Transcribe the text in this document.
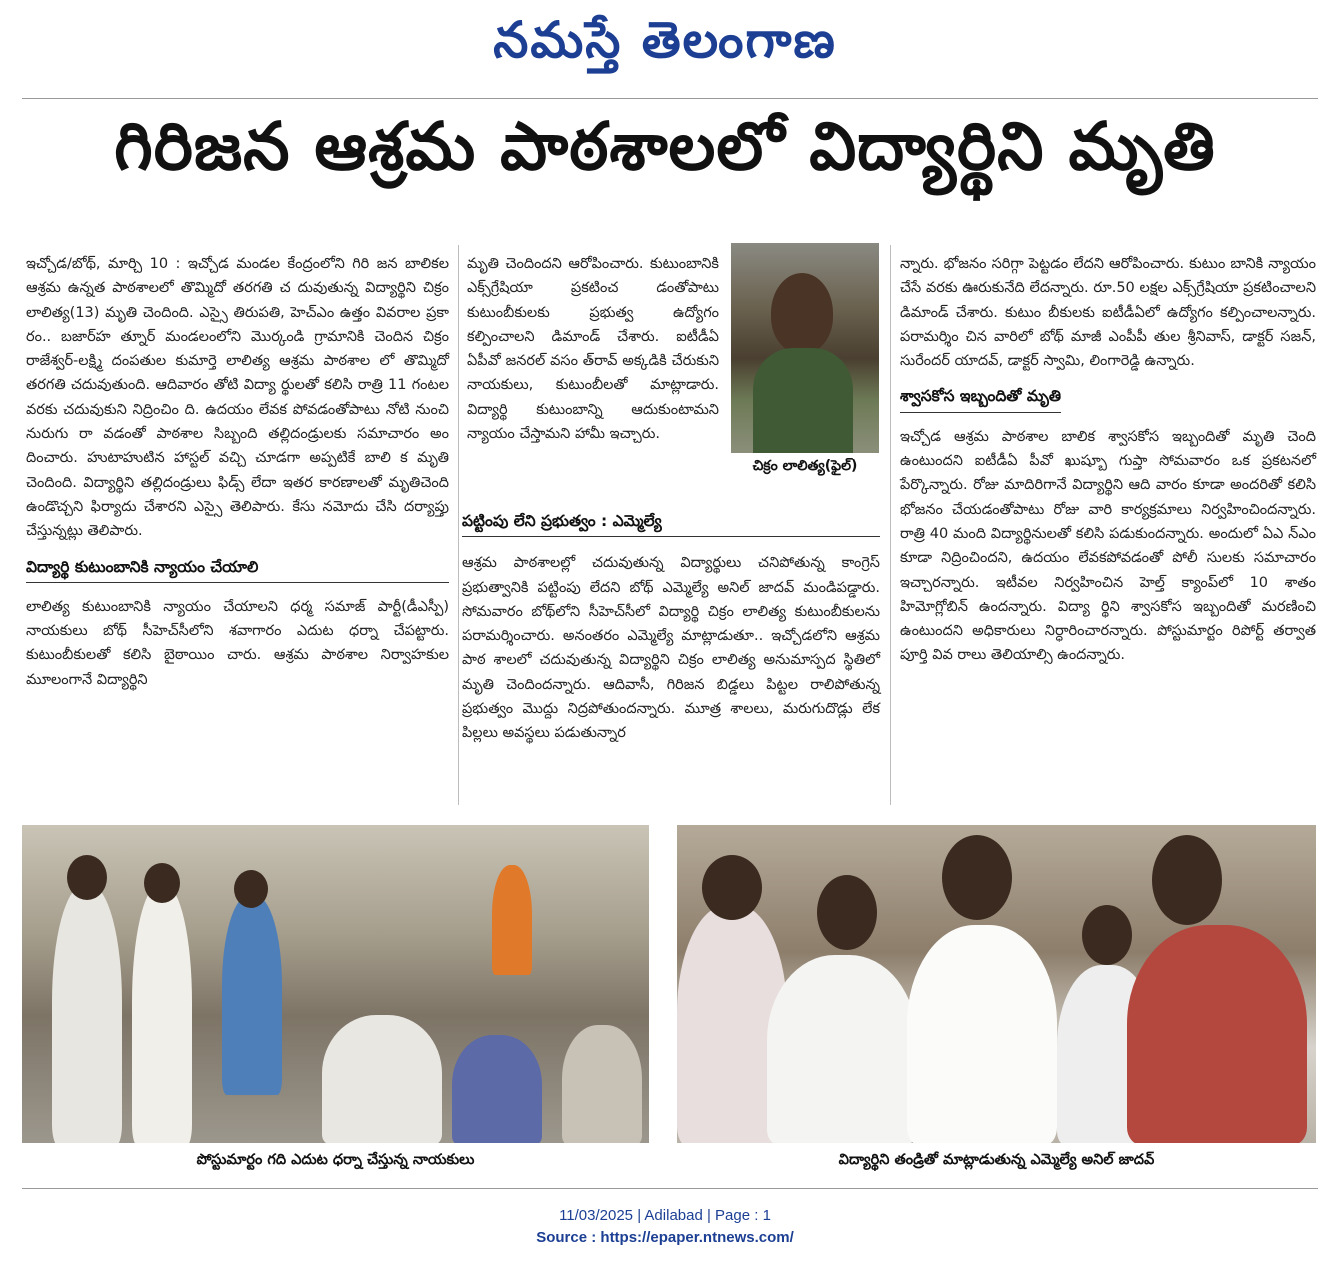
నమస్తే తెలంగాణ
గిరిజన ఆశ్రమ పాఠశాలలో విద్యార్థిని మృతి

ఇచ్చోడ/బోథ్, మార్చి 10 : ఇచ్చోడ మండల కేంద్రంలోని గిరి జన బాలికల ఆశ్రమ ఉన్నత పాఠశాలలో తొమ్మిదో తరగతి చ దువుతున్న విద్యార్థిని చిక్రం లాలిత్య(13) మృతి చెందింది. ఎస్సై తిరుపతి, హెచ్‌ఎం ఉత్తం వివరాల ప్రకా రం.. బజార్‌హ త్నూర్ మండలంలోని మొర్కండి గ్రామానికి చెందిన చిక్రం రాజేశ్వర్-లక్ష్మి దంపతుల కుమార్తె లాలిత్య ఆశ్రమ పాఠశాల లో తొమ్మిదో తరగతి చదువుతుంది. ఆదివారం తోటి విద్యా ర్థులతో కలిసి రాత్రి 11 గంటల వరకు చదువుకుని నిద్రించిం ది. ఉదయం లేవక పోవడంతోపాటు నోటి నుంచి నురుగు రా వడంతో పాఠశాల సిబ్బంది తల్లిదండ్రులకు సమాచారం అం దించారు. హుటాహుటిన హాస్టల్ వచ్చి చూడగా అప్పటికే బాలి క మృతి చెందింది. విద్యార్థిని తల్లిదండ్రులు ఫిడ్స్ లేదా ఇతర కారణాలతో మృతిచెంది ఉండొచ్చని ఫిర్యాదు చేశారని ఎస్సై తెలిపారు. కేసు నమోదు చేసి దర్యాప్తు చేస్తున్నట్లు తెలిపారు.

విద్యార్థి కుటుంబానికి న్యాయం చేయాలి

లాలిత్య కుటుంబానికి న్యాయం చేయాలని ధర్మ సమాజ్ పార్టీ(డీఎస్పీ) నాయకులు బోథ్ సీహెచ్‌సీలోని శవాగారం ఎదుట ధర్నా చేపట్టారు. కుటుంబీకులతో కలిసి బైఠాయిం చారు. ఆశ్రమ పాఠశాల నిర్వాహకుల మూలంగానే విద్యార్థిని

మృతి చెందిందని ఆరోపించారు. కుటుంబానికి ఎక్స్‌గ్రేషియా ప్రకటించ డంతోపాటు కుటుంబీకులకు ప్రభుత్వ ఉద్యోగం కల్పించాలని డిమాండ్ చేశారు. ఐటీడీఏ ఏపీవో జనరల్ వసం త్‌రావ్ అక్కడికి చేరుకుని నాయకులు, కుటుంబీలతో మాట్లాడారు. విద్యార్థి కుటుంబాన్ని ఆదుకుంటామని న్యాయం చేస్తామని హామీ ఇచ్చారు.

పట్టింపు లేని ప్రభుత్వం : ఎమ్మెల్యే

ఆశ్రమ పాఠశాలల్లో చదువుతున్న విద్యార్థులు చనిపోతున్న కాంగ్రెస్ ప్రభుత్వానికి పట్టింపు లేదని బోథ్ ఎమ్మెల్యే అనిల్ జాదవ్ మండిపడ్డారు. సోమవారం బోథ్‌లోని సీహెచ్‌సీలో విద్యార్థి చిక్రం లాలిత్య కుటుంబీకులను పరామర్శించారు. అనంతరం ఎమ్మెల్యే మాట్లాడుతూ.. ఇచ్చోడలోని ఆశ్రమ పాఠ శాలలో చదువుతున్న విద్యార్థిని చిక్రం లాలిత్య అనుమాస్పద స్థితిలో మృతి చెందిందన్నారు. ఆదివాసీ, గిరిజన బిడ్డలు పిట్టల రాలిపోతున్న ప్రభుత్వం మొద్దు నిద్రపోతుందన్నారు. మూత్ర శాలలు, మరుగుదొడ్లు లేక పిల్లలు అవస్థలు పడుతున్నార

చిక్రం లాలిత్య(ఫైల్)

న్నారు. భోజనం సరిగ్గా పెట్టడం లేదని ఆరోపించారు. కుటుం బానికి న్యాయం చేసే వరకు ఊరుకునేది లేదన్నారు. రూ.50 లక్షల ఎక్స్‌గ్రేషియా ప్రకటించాలని డిమాండ్ చేశారు. కుటుం బీకులకు ఐటీడీఏలో ఉద్యోగం కల్పించాలన్నారు. పరామర్శిం చిన వారిలో బోథ్ మాజీ ఎంపీపీ తుల శ్రీనివాస్, డాక్టర్ సజన్, సురేందర్ యాదవ్, డాక్టర్ స్వామి, లింగారెడ్డి ఉన్నారు.

శ్వాసకోస ఇబ్బందితో మృతి

ఇచ్చోడ ఆశ్రమ పాఠశాల బాలిక శ్వాసకోస ఇబ్బందితో మృతి చెంది ఉంటుందని ఐటీడీఏ పీవో ఖుష్బూ గుప్తా సోమవారం ఒక ప్రకటనలో పేర్కొన్నారు. రోజు మాదిరిగానే విద్యార్థిని ఆది వారం కూడా అందరితో కలిసి భోజనం చేయడంతోపాటు రోజు వారి కార్యక్రమాలు నిర్వహించిందన్నారు. రాత్రి 40 మంది విద్యార్థినులతో కలిసి పడుకుందన్నారు. అందులో ఏఎ న్‌ఎం కూడా నిద్రించిందని, ఉదయం లేవకపోవడంతో పోలీ సులకు సమాచారం ఇచ్చారన్నారు. ఇటీవల నిర్వహించిన హెల్త్ క్యాంప్‌లో 10 శాతం హిమోగ్లోబిన్ ఉందన్నారు. విద్యా ర్థిని శ్వాసకోస ఇబ్బందితో మరణించి ఉంటుందని అధికారులు నిర్ధారించారన్నారు. పోస్టుమార్టం రిపోర్ట్ తర్వాత పూర్తి వివ రాలు తెలియాల్సి ఉందన్నారు.

పోస్టుమార్టం గది ఎదుట ధర్నా చేస్తున్న నాయకులు	విద్యార్థిని తండ్రితో మాట్లాడుతున్న ఎమ్మెల్యే అనిల్ జాదవ్
11/03/2025 | Adilabad | Page : 1
Source : https://epaper.ntnews.com/
